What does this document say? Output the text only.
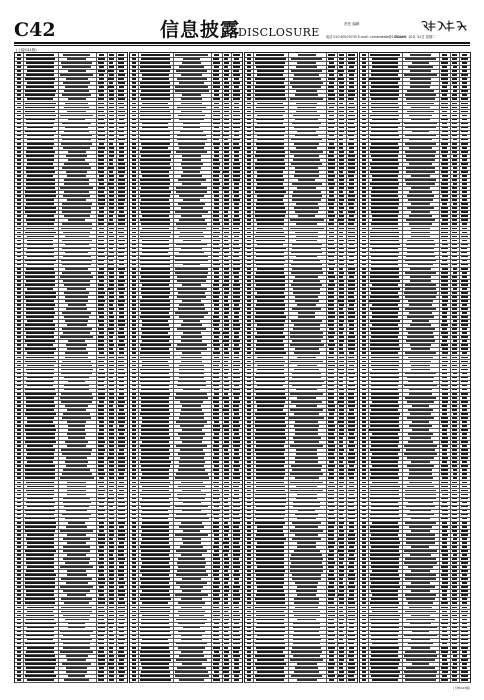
C42	信息披露
DISCLOSURE
责任 编辑
电话 010-63070735 E-mail: chinamedia@163.com
2024年 10月 31日 星期二
(上接C41版)
(下转C43版)
